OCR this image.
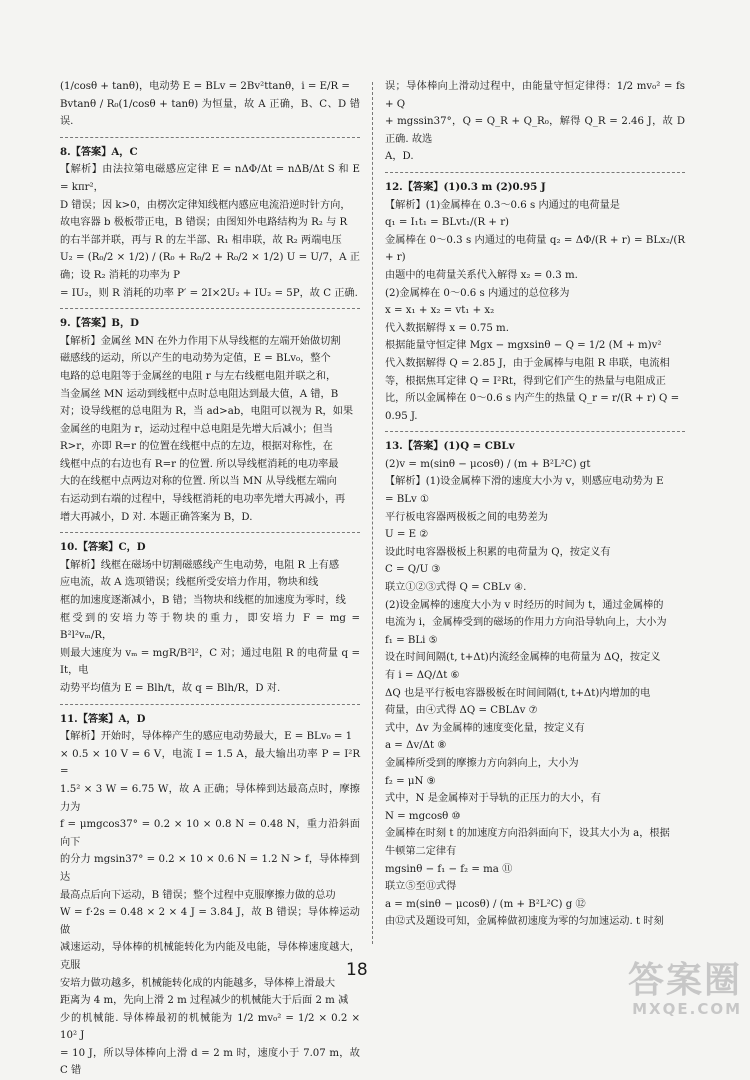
(1/cosθ + tanθ)，电动势 E = BLv = 2Bv²ttanθ，i = E/R =
Bvtanθ / R₀(1/cosθ + tanθ) 为恒量，故 A 正确，B、C、D 错误.
8.【答案】A，C
【解析】由法拉第电磁感应定律 E = nΔΦ/Δt = nΔB/Δt S 和 E = kπr²，
D 错误；因 k>0，由楞次定律知线框内感应电流沿逆时针方向，
故电容器 b 极板带正电，B 错误；由图知外电路结构为 R₂ 与 R
的右半部并联，再与 R 的左半部、R₁ 相串联，故 R₂ 两端电压
U₂ = (R₀/2 × 1/2) / (R₀ + R₀/2 + R₀/2 × 1/2) U = U/7，A 正确；设 R₂ 消耗的功率为 P
= IU₂，则 R 消耗的功率 P′ = 2I×2U₂ + IU₂ = 5P，故 C 正确.
9.【答案】B，D
【解析】金属丝 MN 在外力作用下从导线框的左端开始做切割
磁感线的运动，所以产生的电动势为定值，E = BLv₀，整个
电路的总电阻等于金属丝的电阻 r 与左右线框电阻并联之和，
当金属丝 MN 运动到线框中点时总电阻达到最大值，A 错，B
对；设导线框的总电阻为 R，当 ad>ab，电阻可以视为 R，如果
金属丝的电阻为 r，运动过程中总电阻是先增大后减小；但当
R>r，亦即 R=r 的位置在线框中点的左边，根据对称性，在
线框中点的右边也有 R=r 的位置. 所以导线框消耗的电功率最
大的在线框中点两边对称的位置. 所以当 MN 从导线框左端向
右运动到右端的过程中，导线框消耗的电功率先增大再减小，再
增大再减小，D 对. 本题正确答案为 B，D.
10.【答案】C，D
【解析】线框在磁场中切割磁感线产生电动势，电阻 R 上有感
应电流，故 A 选项错误；线框所受安培力作用，物块和线
框的加速度逐渐减小，B 错；当物块和线框的加速度为零时，线
框受到的安培力等于物块的重力，即安培力 F = mg = B²l²vₘ/R，
则最大速度为 vₘ = mgR/B²l²，C 对；通过电阻 R 的电荷量 q = It，电
动势平均值为 E = Blh/t，故 q = Blh/R，D 对.
11.【答案】A，D
【解析】开始时，导体棒产生的感应电动势最大，E = BLv₀ = 1
× 0.5 × 10 V = 6 V，电流 I = 1.5 A，最大输出功率 P = I²R =
1.5² × 3 W = 6.75 W，故 A 正确；导体棒到达最高点时，摩擦力为
f = μmgcos37° = 0.2 × 10 × 0.8 N = 0.48 N，重力沿斜面向下
的分力 mgsin37° = 0.2 × 10 × 0.6 N = 1.2 N > f，导体棒到达
最高点后向下运动，B 错误；整个过程中克服摩擦力做的总功
W = f·2s = 0.48 × 2 × 4 J = 3.84 J，故 B 错误；导体棒运动做
减速运动，导体棒的机械能转化为内能及电能，导体棒速度越大，克服
安培力做功越多，机械能转化成的内能越多，导体棒上滑最大
距离为 4 m，先向上滑 2 m 过程减少的机械能大于后面 2 m 减
少的机械能. 导体棒最初的机械能为 1/2 mv₀² = 1/2 × 0.2 × 10² J
= 10 J，所以导体棒向上滑 d = 2 m 时，速度小于 7.07 m，故 C 错
误；导体棒向上滑动过程中，由能量守恒定律得：1/2 mv₀² = fs + Q
+ mgssin37°，Q = Q_R + Q_R₀，解得 Q_R = 2.46 J，故 D 正确. 故选
A，D.
12.【答案】(1)0.3 m (2)0.95 J
【解析】(1)金属棒在 0.3～0.6 s 内通过的电荷量是
q₁ = I₁t₁ = BLvt₁/(R + r)
金属棒在 0～0.3 s 内通过的电荷量 q₂ = ΔΦ/(R + r) = BLx₂/(R + r)
由题中的电荷量关系代入解得 x₂ = 0.3 m.
(2)金属棒在 0～0.6 s 内通过的总位移为
x = x₁ + x₂ = vt₁ + x₂
代入数据解得 x = 0.75 m.
根据能量守恒定律 Mgx − mgxsinθ − Q = 1/2 (M + m)v²
代入数据解得 Q = 2.85 J，由于金属棒与电阻 R 串联，电流相
等，根据焦耳定律 Q = I²Rt，得到它们产生的热量与电阻成正
比，所以金属棒在 0～0.6 s 内产生的热量 Q_r = r/(R + r) Q =
0.95 J.
13.【答案】(1)Q = CBLv
(2)v = m(sinθ − μcosθ) / (m + B²L²C) gt
【解析】(1)设金属棒下滑的速度大小为 v，则感应电动势为 E
= BLv ①
平行板电容器两极板之间的电势差为
U = E ②
设此时电容器极板上积累的电荷量为 Q，按定义有
C = Q/U ③
联立①②③式得 Q = CBLv ④.
(2)设金属棒的速度大小为 v 时经历的时间为 t，通过金属棒的
电流为 i，金属棒受到的磁场的作用力方向沿导轨向上，大小为
f₁ = BLi ⑤
设在时间间隔(t, t+Δt)内流经金属棒的电荷量为 ΔQ，按定义
有 i = ΔQ/Δt ⑥
ΔQ 也是平行板电容器极板在时间间隔(t, t+Δt)内增加的电
荷量，由④式得 ΔQ = CBLΔv ⑦
式中，Δv 为金属棒的速度变化量，按定义有
a = Δv/Δt ⑧
金属棒所受到的摩擦力方向斜向上，大小为
f₂ = μN ⑨
式中，N 是金属棒对于导轨的正压力的大小，有
N = mgcosθ ⑩
金属棒在时刻 t 的加速度方向沿斜面向下，设其大小为 a，根据
牛顿第二定律有
mgsinθ − f₁ − f₂ = ma ⑪
联立⑤至⑪式得
a = m(sinθ − μcosθ) / (m + B²L²C) g ⑫
由⑫式及题设可知，金属棒做初速度为零的匀加速运动. t 时刻
18	答案圈
MXQE.COM
